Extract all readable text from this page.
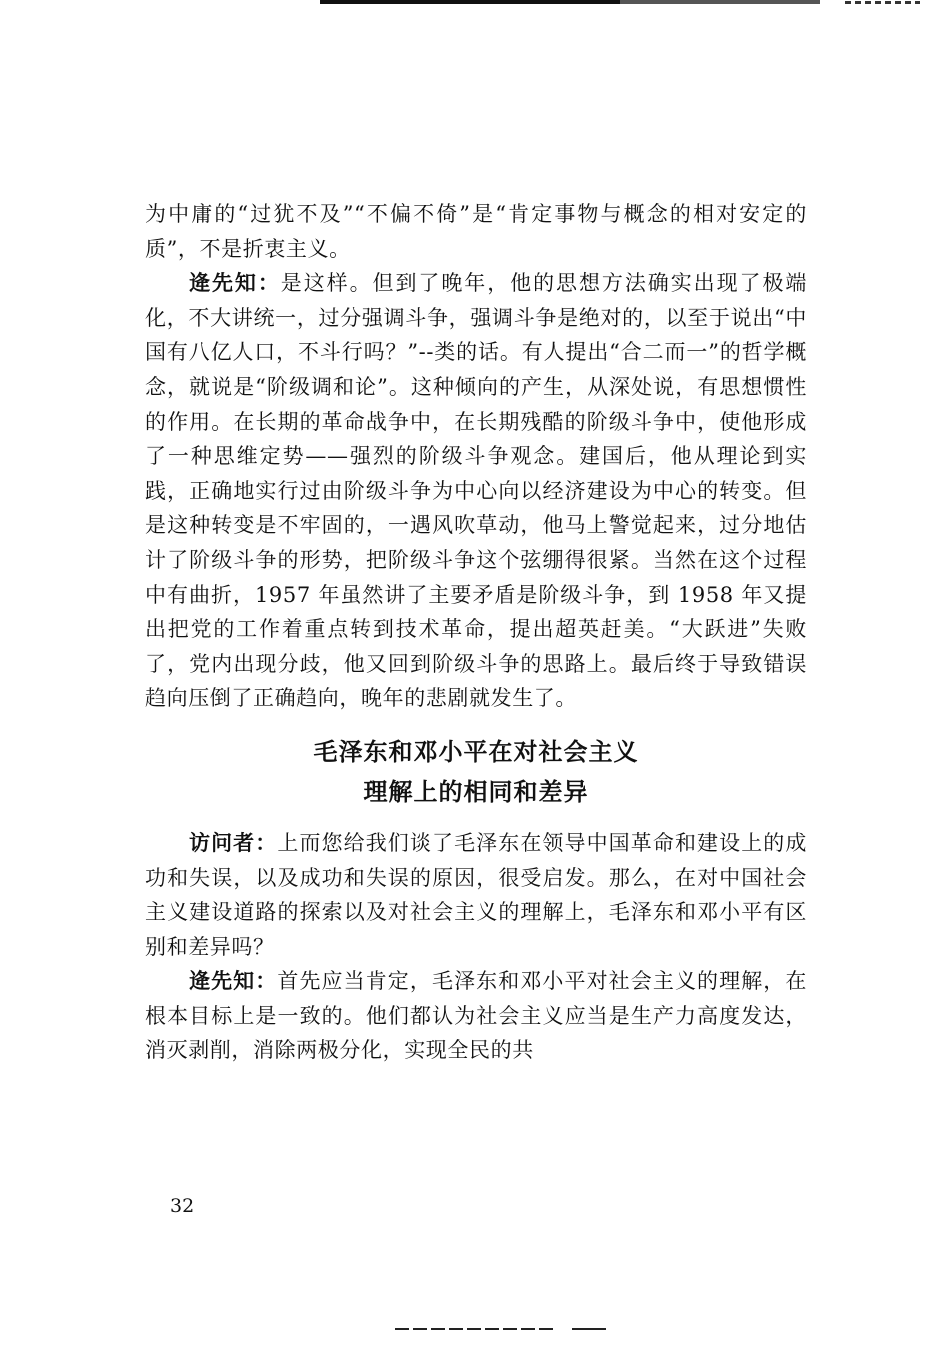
为中庸的“过犹不及”“不偏不倚”是“肯定事物与概念的相对安定的质”，不是折衷主义。

逄先知：是这样。但到了晚年，他的思想方法确实出现了极端化，不大讲统一，过分强调斗争，强调斗争是绝对的，以至于说出“中国有八亿人口，不斗行吗？”--类的话。有人提出“合二而一”的哲学概念，就说是“阶级调和论”。这种倾向的产生，从深处说，有思想惯性的作用。在长期的革命战争中，在长期残酷的阶级斗争中，使他形成了一种思维定势——强烈的阶级斗争观念。建国后，他从理论到实践，正确地实行过由阶级斗争为中心向以经济建设为中心的转变。但是这种转变是不牢固的，一遇风吹草动，他马上警觉起来，过分地估计了阶级斗争的形势，把阶级斗争这个弦绷得很紧。当然在这个过程中有曲折，1957 年虽然讲了主要矛盾是阶级斗争，到 1958 年又提出把党的工作着重点转到技术革命，提出超英赶美。“大跃进”失败了，党内出现分歧，他又回到阶级斗争的思路上。最后终于导致错误趋向压倒了正确趋向，晚年的悲剧就发生了。

毛泽东和邓小平在对社会主义
理解上的相同和差异

访问者：上而您给我们谈了毛泽东在领导中国革命和建设上的成功和失误，以及成功和失误的原因，很受启发。那么，在对中国社会主义建设道路的探索以及对社会主义的理解上，毛泽东和邓小平有区别和差异吗？

逄先知：首先应当肯定，毛泽东和邓小平对社会主义的理解，在根本目标上是一致的。他们都认为社会主义应当是生产力高度发达，消灭剥削，消除两极分化，实现全民的共

32
